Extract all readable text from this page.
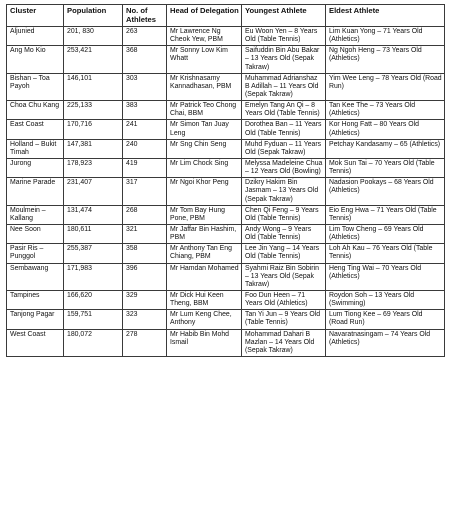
Cluster	Population	No. of Athletes	Head of Delegation	Youngest Athlete	Eldest Athlete
Aljunied	201, 830	263	Mr Lawrence Ng Cheok Yew, PBM	Eu Woon Yen – 8 Years Old (Table Tennis)	Lim Kuan Yong – 71 Years Old (Athletics)
Ang Mo Kio	253,421	368	Mr Sonny Low Kim Whatt	Saifuddin Bin Abu Bakar – 13 Years Old (Sepak Takraw)	Ng Ngoh Heng – 73 Years Old (Athletics)
Bishan – Toa Payoh	146,101	303	Mr Krishnasamy Kannadhasan, PBM	Muhammad Adrianshaz B Adillah – 11 Years Old (Sepak Takraw)	Yim Wee Leng – 78 Years Old (Road Run)
Choa Chu Kang	225,133	383	Mr Patrick Teo Chong Chai, BBM	Emelyn Tang An Qi – 8 Years Old (Table Tennis)	Tan Kee The – 73 Years Old (Athletics)
East Coast	170,716	241	Mr Simon Tan Juay Leng	Dorothea Ban – 11 Years Old (Table Tennis)	Kor Hong Fatt – 80 Years Old (Athletics)
Holland – Bukit Timah	147,381	240	Mr Sng Chin Seng	Muhd Fyduan – 11 Years Old (Sepak Takraw)	Petchay Kandasamy – 65 (Athletics)
Jurong	178,923	419	Mr Lim Chock Sing	Melyssa Madeleine Chua – 12 Years Old (Bowling)	Mok Sun Tai – 70 Years Old (Table Tennis)
Marine Parade	231,407	317	Mr Ngoi Khor Peng	Dzikry Hakim Bin Jasmam – 13 Years Old (Sepak Takraw)	Nadasion Pookays – 68 Years Old (Athletics)
Moulmein – Kallang	131,474	268	Mr Tom Bay Hung Pone, PBM	Chen Qi Feng – 9 Years Old (Table Tennis)	Eio Eng Hwa – 71 Years Old (Table Tennis)
Nee Soon	180,611	321	Mr Jaffar Bin Hashim, PBM	Andy Wong – 9 Years Old (Table Tennis)	Lim Tow Cheng – 69 Years Old (Athletics)
Pasir Ris – Punggol	255,387	358	Mr Anthony Tan Eng Chiang, PBM	Lee Jin Yang – 14 Years Old (Table Tennis)	Loh Ah Kau – 76 Years Old (Table Tennis)
Sembawang	171,983	396	Mr Hamdan Mohamed	Syahmi Raiz Bin Sobirin – 13 Years Old (Sepak Takraw)	Heng Ting Wai – 70 Years Old (Athletics)
Tampines	166,620	329	Mr Dick Hui Keen Theng, BBM	Foo Dun Heen – 71 Years Old (Athletics)	Roydon Soh – 13 Years Old (Swimming)
Tanjong Pagar	159,751	323	Mr Lum Keng Chee, Anthony	Tan Yi Jun – 9 Years Old (Table Tennis)	Lum Tiong Kee – 69 Years Old (Road Run)
West Coast	180,072	278	Mr Habib Bin Mohd Ismail	Mohammad Dahari B Mazlan – 14 Years Old (Sepak Takraw)	Navaratnasingam – 74 Years Old (Athletics)
